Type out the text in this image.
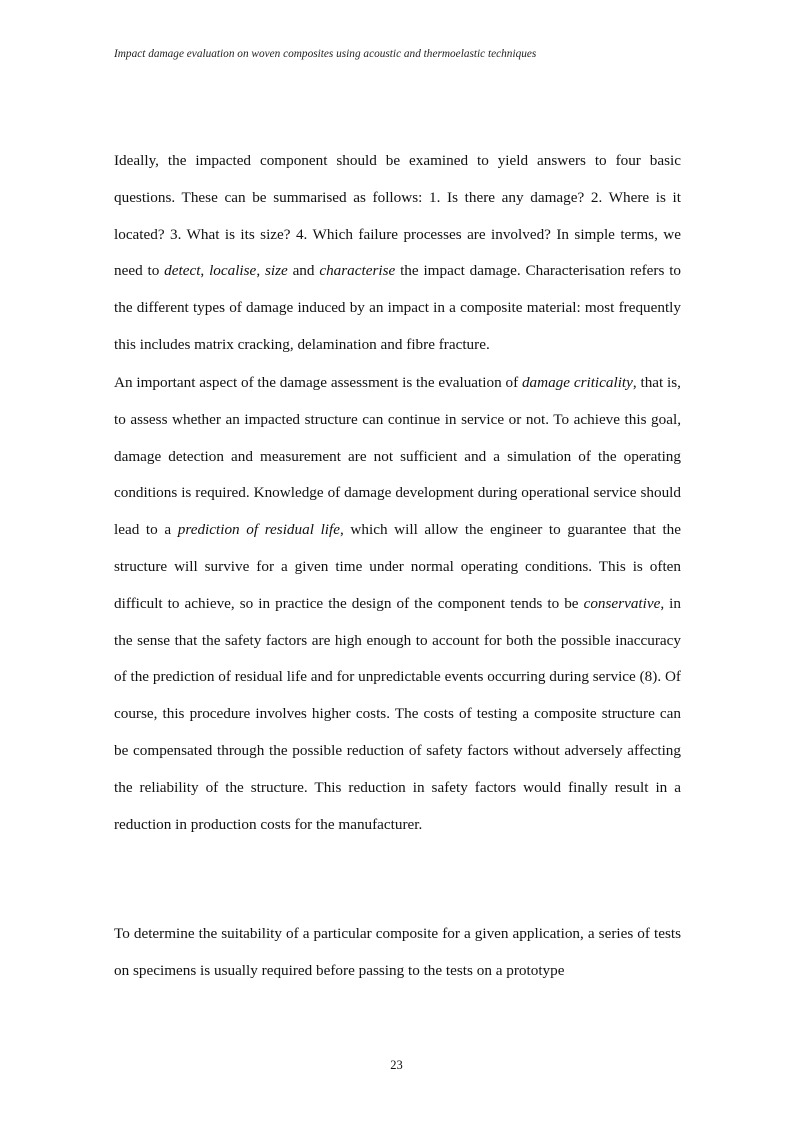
Impact damage evaluation on woven composites using acoustic and thermoelastic techniques

Ideally, the impacted component should be examined to yield answers to four basic questions. These can be summarised as follows: 1. Is there any damage? 2. Where is it located? 3. What is its size? 4. Which failure processes are involved? In simple terms, we need to detect, localise, size and characterise the impact damage. Characterisation refers to the different types of damage induced by an impact in a composite material: most frequently this includes matrix cracking, delamination and fibre fracture.

An important aspect of the damage assessment is the evaluation of damage criticality, that is, to assess whether an impacted structure can continue in service or not. To achieve this goal, damage detection and measurement are not sufficient and a simulation of the operating conditions is required. Knowledge of damage development during operational service should lead to a prediction of residual life, which will allow the engineer to guarantee that the structure will survive for a given time under normal operating conditions. This is often difficult to achieve, so in practice the design of the component tends to be conservative, in the sense that the safety factors are high enough to account for both the possible inaccuracy of the prediction of residual life and for unpredictable events occurring during service (8). Of course, this procedure involves higher costs. The costs of testing a composite structure can be compensated through the possible reduction of safety factors without adversely affecting the reliability of the structure. This reduction in safety factors would finally result in a reduction in production costs for the manufacturer.

To determine the suitability of a particular composite for a given application, a series of tests on specimens is usually required before passing to the tests on a prototype

23
